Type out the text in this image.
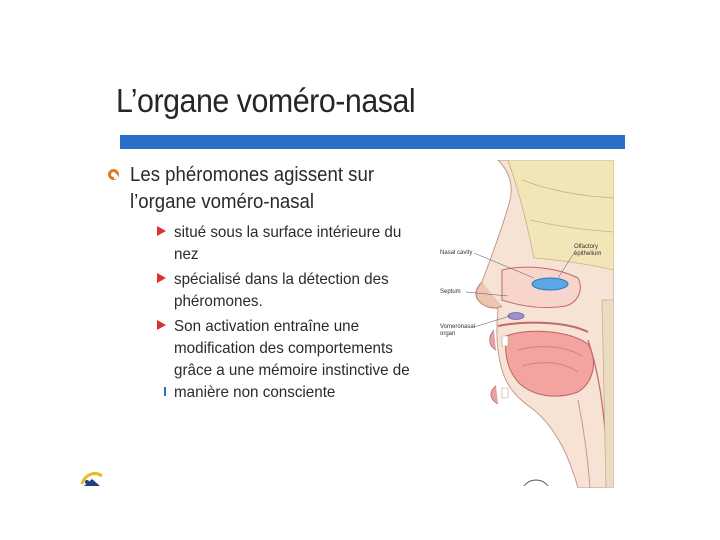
L’organe voméro-nasal
Les phéromones agissent sur
l’organe voméro-nasal
situé sous la surface intérieure du nez
spécialisé dans la détection des
phéromones.
Son activation entraîne une
modification des comportements
grâce a une mémoire instinctive de
manière non consciente
Nasal cavity
Olfactory
epithelium
Septum
Vomeronasal
organ
